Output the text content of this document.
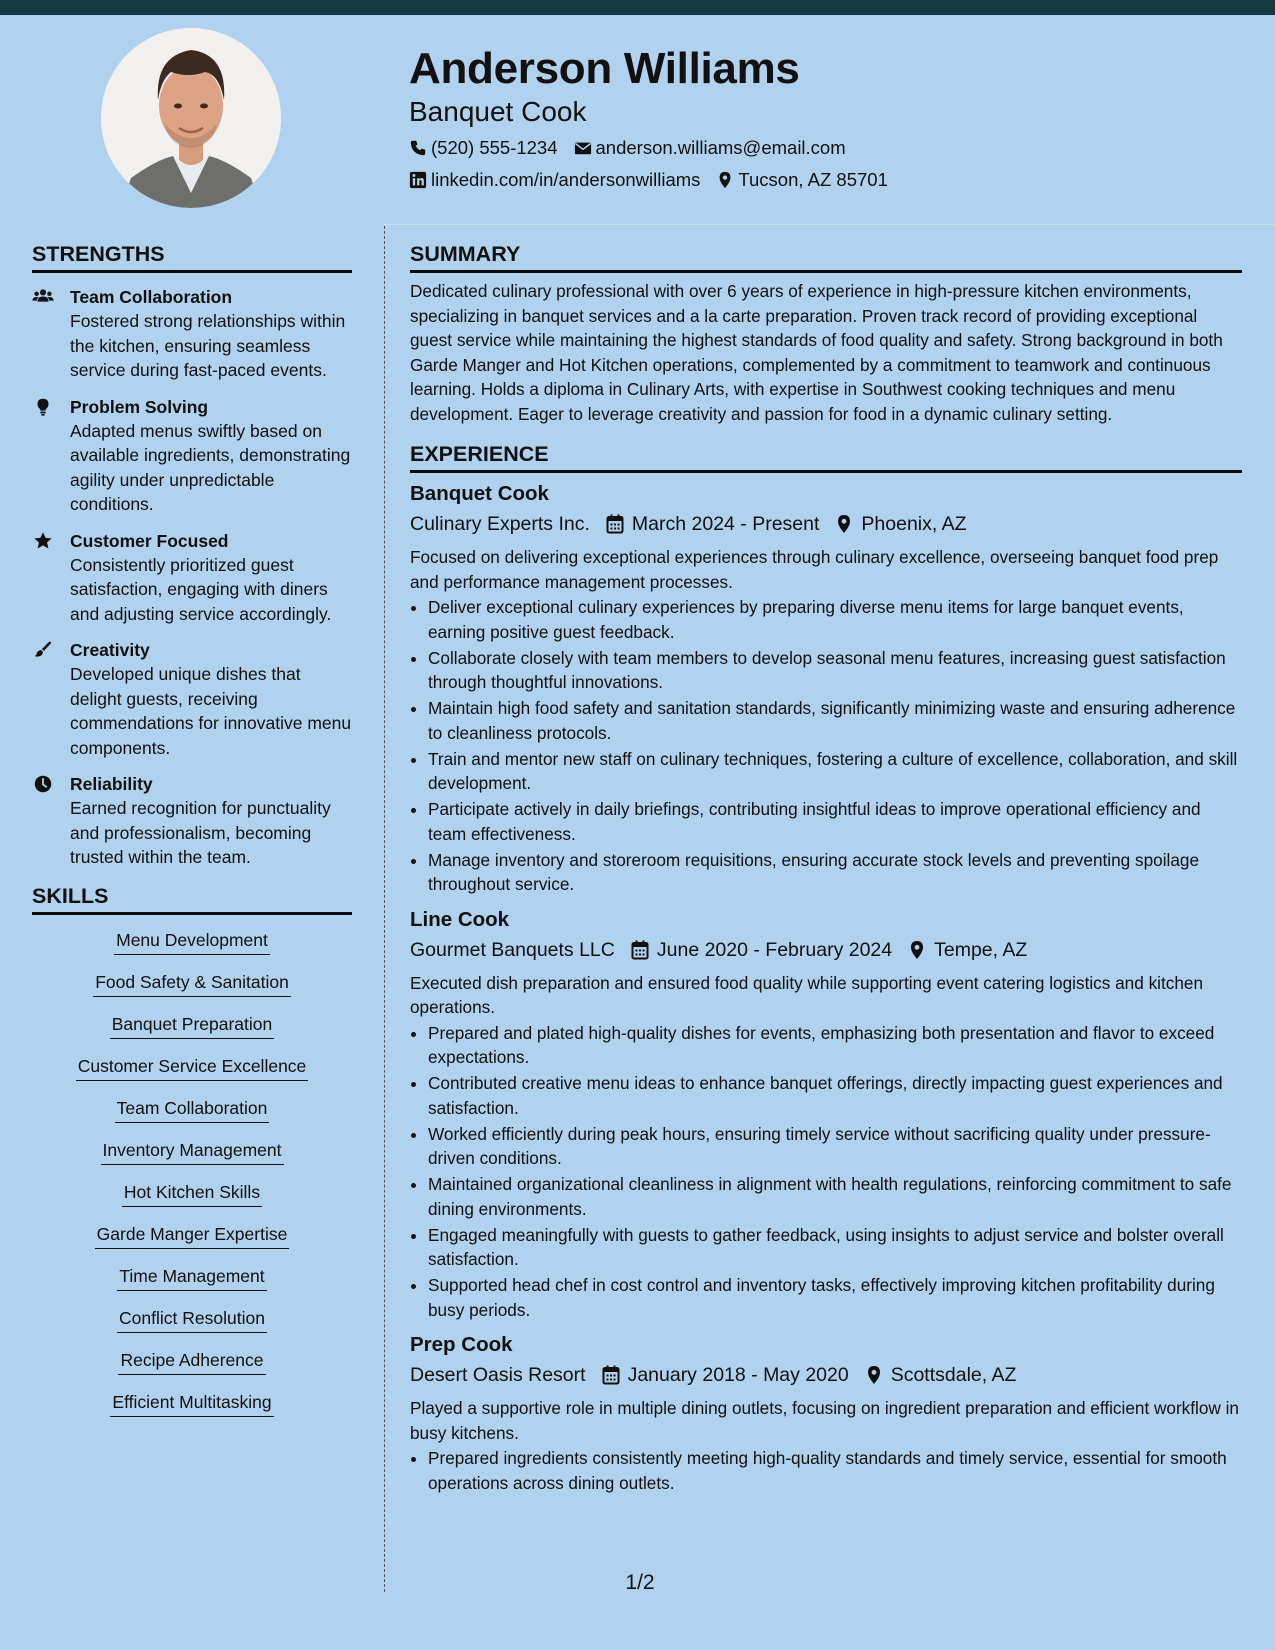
Anderson Williams
Banquet Cook
(520) 555-1234 anderson.williams@email.com
linkedin.com/in/andersonwilliams Tucson, AZ 85701
STRENGTHS
Team Collaboration
Fostered strong relationships within the kitchen, ensuring seamless service during fast-paced events.
Problem Solving
Adapted menus swiftly based on available ingredients, demonstrating agility under unpredictable conditions.
Customer Focused
Consistently prioritized guest satisfaction, engaging with diners and adjusting service accordingly.
Creativity
Developed unique dishes that delight guests, receiving commendations for innovative menu components.
Reliability
Earned recognition for punctuality and professionalism, becoming trusted within the team.
SKILLS
Menu Development
Food Safety & Sanitation
Banquet Preparation
Customer Service Excellence
Team Collaboration
Inventory Management
Hot Kitchen Skills
Garde Manger Expertise
Time Management
Conflict Resolution
Recipe Adherence
Efficient Multitasking
SUMMARY

Dedicated culinary professional with over 6 years of experience in high-pressure kitchen environments, specializing in banquet services and a la carte preparation. Proven track record of providing exceptional guest service while maintaining the highest standards of food quality and safety. Strong background in both Garde Manger and Hot Kitchen operations, complemented by a commitment to teamwork and continuous learning. Holds a diploma in Culinary Arts, with expertise in Southwest cooking techniques and menu development. Eager to leverage creativity and passion for food in a dynamic culinary setting.

EXPERIENCE
Banquet Cook
Culinary Experts Inc. March 2024 - Present Phoenix, AZ
Focused on delivering exceptional experiences through culinary excellence, overseeing banquet food prep and performance management processes.
• Deliver exceptional culinary experiences by preparing diverse menu items for large banquet events, earning positive guest feedback.
• Collaborate closely with team members to develop seasonal menu features, increasing guest satisfaction through thoughtful innovations.
• Maintain high food safety and sanitation standards, significantly minimizing waste and ensuring adherence to cleanliness protocols.
• Train and mentor new staff on culinary techniques, fostering a culture of excellence, collaboration, and skill development.
• Participate actively in daily briefings, contributing insightful ideas to improve operational efficiency and team effectiveness.
• Manage inventory and storeroom requisitions, ensuring accurate stock levels and preventing spoilage throughout service.
Line Cook
Gourmet Banquets LLC June 2020 - February 2024 Tempe, AZ
Executed dish preparation and ensured food quality while supporting event catering logistics and kitchen operations.
• Prepared and plated high-quality dishes for events, emphasizing both presentation and flavor to exceed expectations.
• Contributed creative menu ideas to enhance banquet offerings, directly impacting guest experiences and satisfaction.
• Worked efficiently during peak hours, ensuring timely service without sacrificing quality under pressure-driven conditions.
• Maintained organizational cleanliness in alignment with health regulations, reinforcing commitment to safe dining environments.
• Engaged meaningfully with guests to gather feedback, using insights to adjust service and bolster overall satisfaction.
• Supported head chef in cost control and inventory tasks, effectively improving kitchen profitability during busy periods.
Prep Cook
Desert Oasis Resort January 2018 - May 2020 Scottsdale, AZ
Played a supportive role in multiple dining outlets, focusing on ingredient preparation and efficient workflow in busy kitchens.
• Prepared ingredients consistently meeting high-quality standards and timely service, essential for smooth operations across dining outlets.
1/2
